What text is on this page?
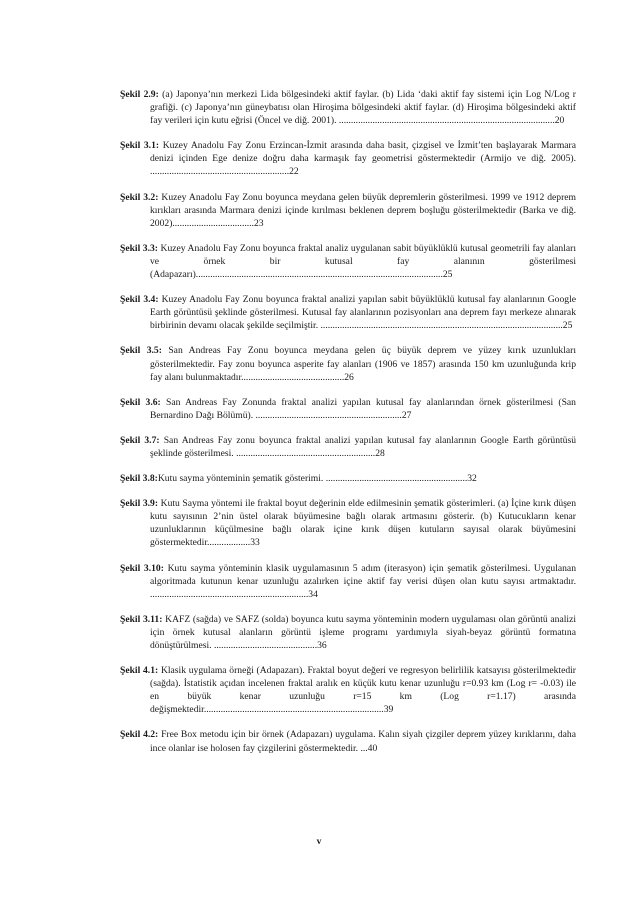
Şekil 2.9: (a) Japonya’nın merkezi Lida bölgesindeki aktif faylar. (b) Lida ‘daki aktif fay sistemi için Log N/Log r grafiği. (c) Japonya’nın güneybatısı olan Hiroşima bölgesindeki aktif faylar. (d) Hiroşima bölgesindeki aktif fay verileri için kutu eğrisi (Öncel ve diğ. 2001). ..........................................................................................20

Şekil 3.1: Kuzey Anadolu Fay Zonu Erzincan-İzmit arasında daha basit, çizgisel ve İzmit’ten başlayarak Marmara denizi içinden Ege denize doğru daha karmaşık fay geometrisi göstermektedir (Armijo ve diğ. 2005). ..........................................................22

Şekil 3.2: Kuzey Anadolu Fay Zonu boyunca meydana gelen büyük depremlerin gösterilmesi. 1999 ve 1912 deprem kırıkları arasında Marmara denizi içinde kırılması beklenen deprem boşluğu gösterilmektedir (Barka ve diğ. 2002)..................................23

Şekil 3.3: Kuzey Anadolu Fay Zonu boyunca fraktal analiz uygulanan sabit büyüklüklü kutusal geometrili fay alanları ve örnek bir kutusal fay alanının gösterilmesi (Adapazarı).......................................................................................................25

Şekil 3.4: Kuzey Anadolu Fay Zonu boyunca fraktal analizi yapılan sabit büyüklüklü kutusal fay alanlarının Google Earth görüntüsü şeklinde gösterilmesi. Kutusal fay alanlarının pozisyonları ana deprem fayı merkeze alınarak birbirinin devamı olacak şekilde seçilmiştir. .....................................................................................................25

Şekil 3.5: San Andreas Fay Zonu boyunca meydana gelen üç büyük deprem ve yüzey kırık uzunlukları gösterilmektedir. Fay zonu boyunca asperite fay alanları (1906 ve 1857) arasında 150 km uzunluğunda krip fay alanı bulunmaktadır...........................................26

Şekil 3.6: San Andreas Fay Zonunda fraktal analizi yapılan kutusal fay alanlarından örnek gösterilmesi (San Bernardino Dağı Bölümü). .............................................................27

Şekil 3.7: San Andreas Fay zonu boyunca fraktal analizi yapılan kutusal fay alanlarının Google Earth görüntüsü şeklinde gösterilmesi. ..........................................................28

Şekil 3.8:Kutu sayma yönteminin şematik gösterimi. ...........................................................32

Şekil 3.9: Kutu Sayma yöntemi ile fraktal boyut değerinin elde edilmesinin şematik gösterimleri. (a) İçine kırık düşen kutu sayısının 2’nin üstel olarak büyümesine bağlı olarak artmasını gösterir. (b) Kutucukların kenar uzunluklarının küçülmesine bağlı olarak içine kırık düşen kutuların sayısal olarak büyümesini göstermektedir..................33

Şekil 3.10: Kutu sayma yönteminin klasik uygulamasının 5 adım (iterasyon) için şematik gösterilmesi. Uygulanan algoritmada kutunun kenar uzunluğu azalırken içine aktif fay verisi düşen olan kutu sayısı artmaktadır. ..................................................................34

Şekil 3.11: KAFZ (sağda) ve SAFZ (solda) boyunca kutu sayma yönteminin modern uygulaması olan görüntü analizi için örnek kutusal alanların görüntü işleme programı yardımıyla siyah-beyaz görüntü formatına dönüştürülmesi. ...........................................36

Şekil 4.1: Klasik uygulama örneği (Adapazarı). Fraktal boyut değeri ve regresyon belirlilik katsayısı gösterilmektedir (sağda). İstatistik açıdan incelenen fraktal aralık en küçük kutu kenar uzunluğu r=0.93 km (Log r= -0.03) ile en büyük kenar uzunluğu r=15 km (Log r=1.17) arasında değişmektedir...........................................................................39

Şekil 4.2: Free Box metodu için bir örnek (Adapazarı) uygulama. Kalın siyah çizgiler deprem yüzey kırıklarını, daha ince olanlar ise holosen fay çizgilerini göstermektedir. ...40

v
